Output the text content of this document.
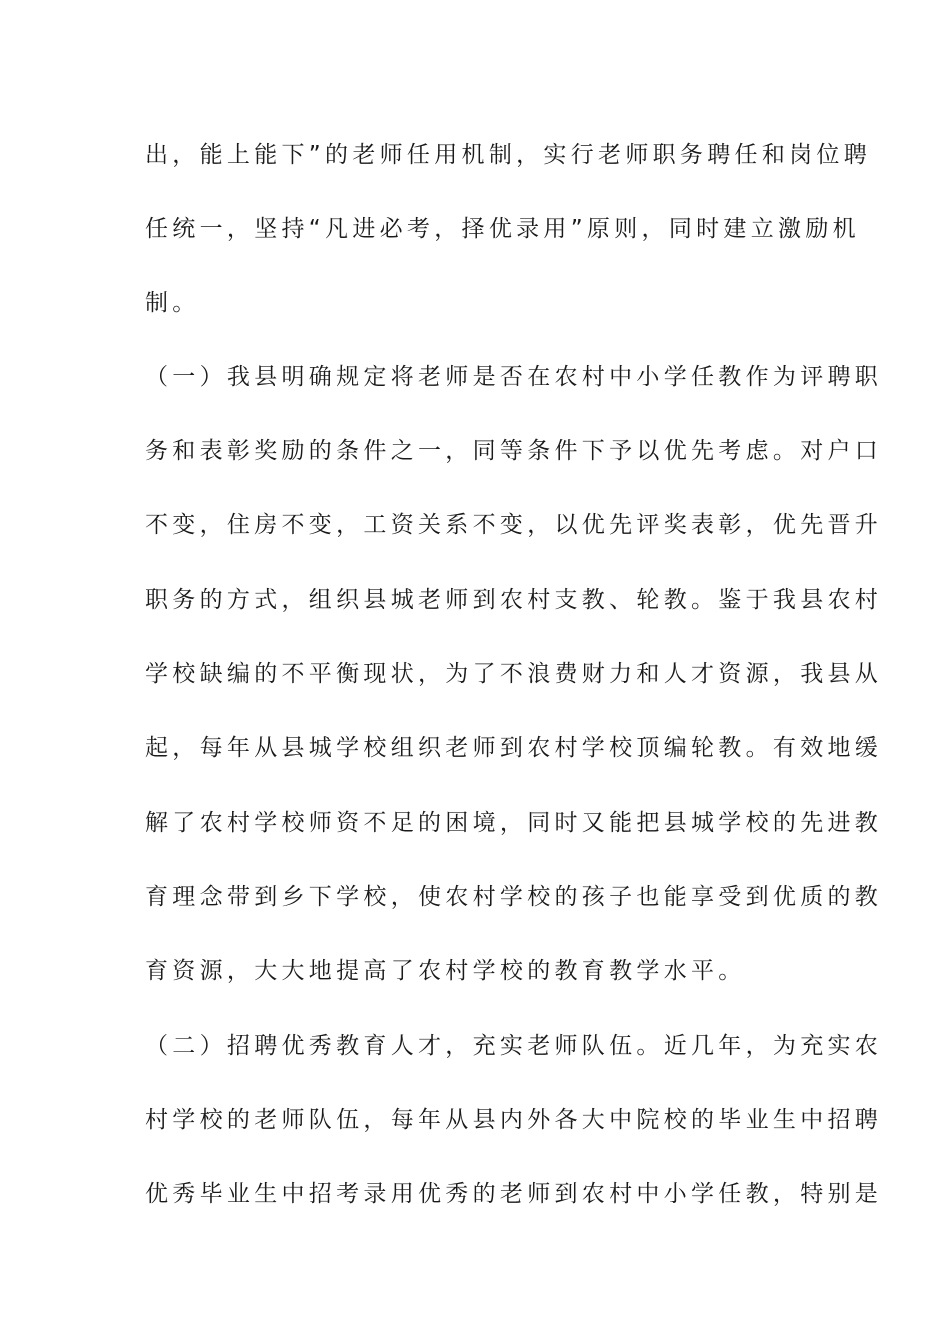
出，能上能下”的老师任用机制，实行老师职务聘任和岗位聘
任统一，坚持“凡进必考，择优录用”原则，同时建立激励机
制。
（一）我县明确规定将老师是否在农村中小学任教作为评聘职
务和表彰奖励的条件之一，同等条件下予以优先考虑。对户口
不变，住房不变，工资关系不变，以优先评奖表彰，优先晋升
职务的方式，组织县城老师到农村支教、轮教。鉴于我县农村
学校缺编的不平衡现状，为了不浪费财力和人才资源，我县从
起，每年从县城学校组织老师到农村学校顶编轮教。有效地缓
解了农村学校师资不足的困境，同时又能把县城学校的先进教
育理念带到乡下学校，使农村学校的孩子也能享受到优质的教
育资源，大大地提高了农村学校的教育教学水平。
（二）招聘优秀教育人才，充实老师队伍。近几年，为充实农
村学校的老师队伍，每年从县内外各大中院校的毕业生中招聘
优秀毕业生中招考录用优秀的老师到农村中小学任教，特别是
